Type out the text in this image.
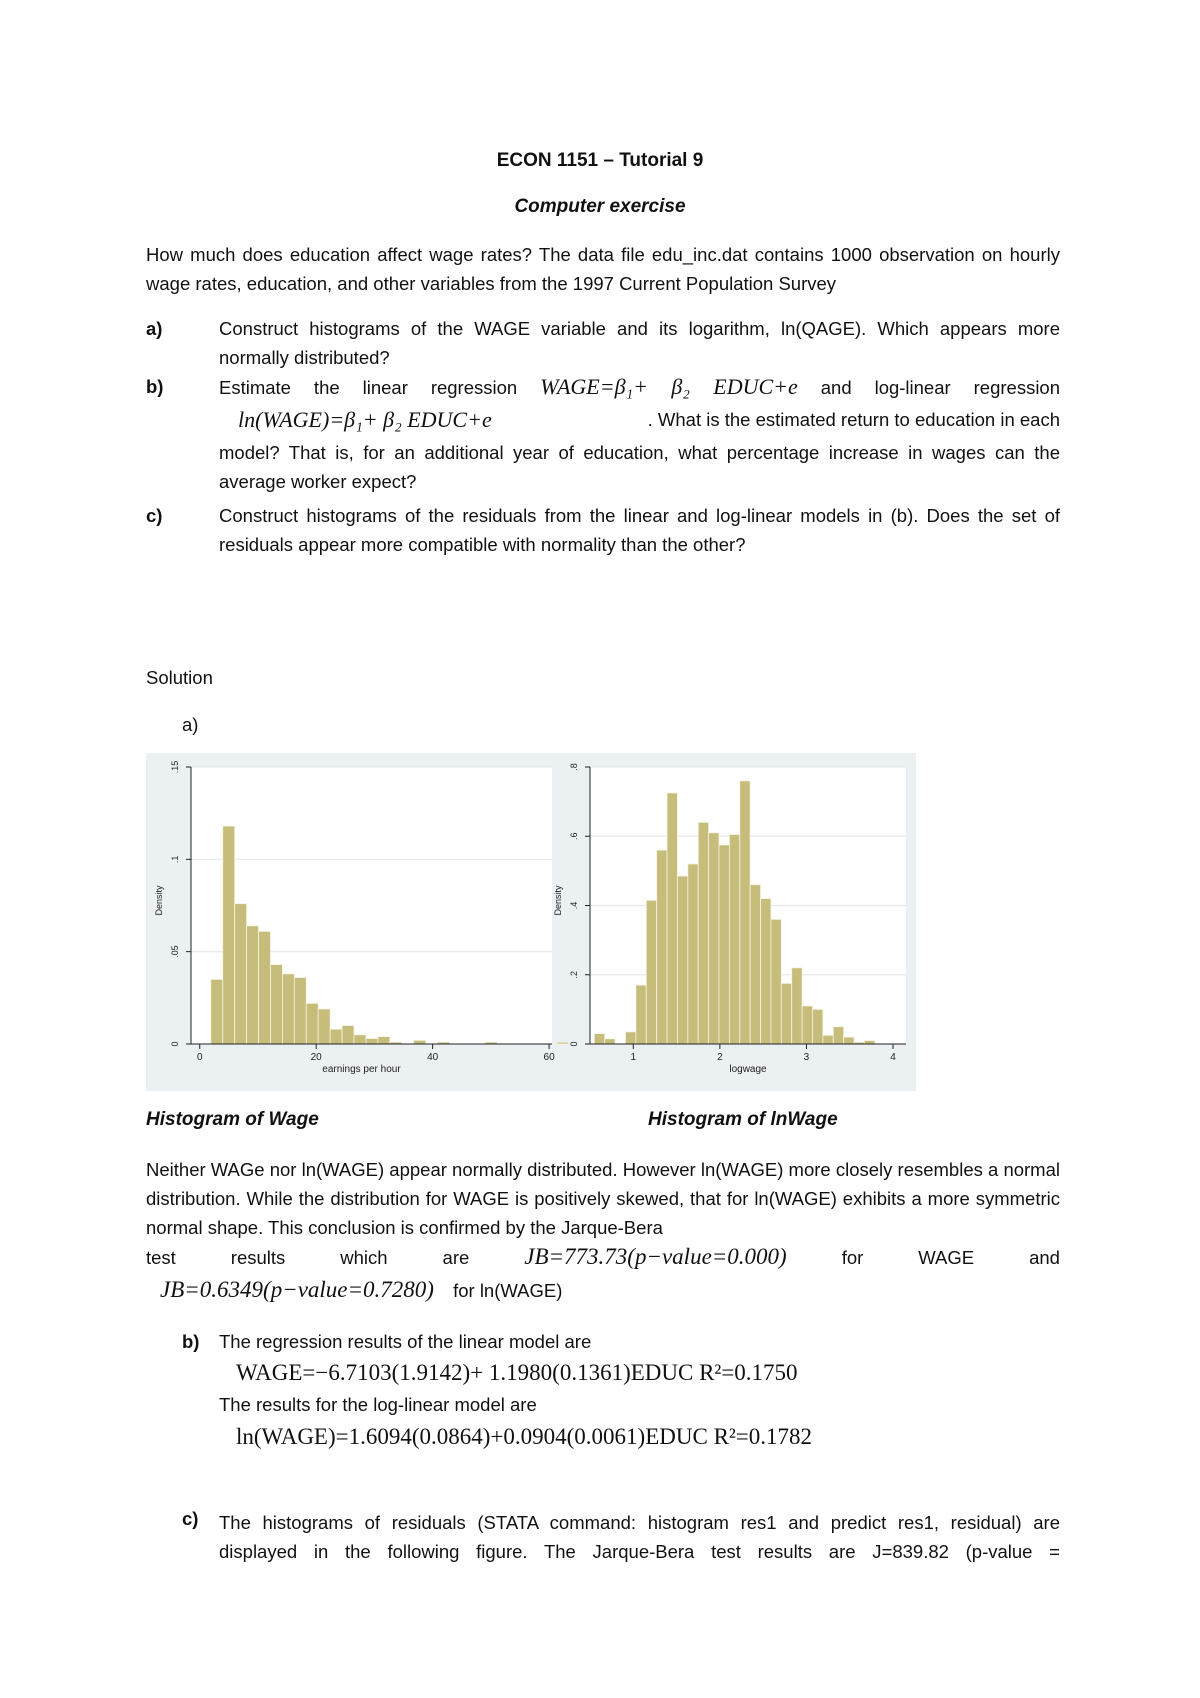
ECON 1151 – Tutorial 9
Computer exercise
How much does education affect wage rates? The data file edu_inc.dat contains 1000 observation on hourly wage rates, education, and other variables from the 1997 Current Population Survey
a)	Construct histograms of the WAGE variable and its logarithm, ln(QAGE). Which appears more normally distributed?
b)	Estimate the linear regression WAGE=β₁+ β₂ EDUC+e and log-linear regression
ln(WAGE)=β₁+ β₂ EDUC+e	. What is the estimated return to education in each
model? That is, for an additional year of education, what percentage increase in wages can the average worker expect?
c)	Construct histograms of the residuals from the linear and log-linear models in (b). Does the set of residuals appear more compatible with normality than the other?
Solution
a)
0
.05
.1
.15
0	20	40	60
earnings per hour
Density
0
.2
.4
.6
.8
1	2	3	4
logwage
Density
Histogram of Wage	Histogram of lnWage
Neither WAGe nor ln(WAGE) appear normally distributed. However ln(WAGE) more closely resembles a normal distribution. While the distribution for WAGE is positively skewed, that for ln(WAGE) exhibits a more symmetric normal shape. This conclusion is confirmed by the Jarque-Bera
test	results	which	are JB=773.73(p−value=0.000)	for	WAGE	and
JB=0.6349(p−value=0.7280) for ln(WAGE)
b) The regression results of the linear model are
WAGE=−6.7103(1.9142)+ 1.1980(0.1361)EDUC R²=0.1750
The results for the log-linear model are
ln(WAGE)=1.6094(0.0864)+0.0904(0.0061)EDUC R²=0.1782
c) The histograms of residuals (STATA command: histogram res1 and predict res1, residual) are displayed in the following figure. The Jarque-Bera test results are J=839.82 (p-value =
